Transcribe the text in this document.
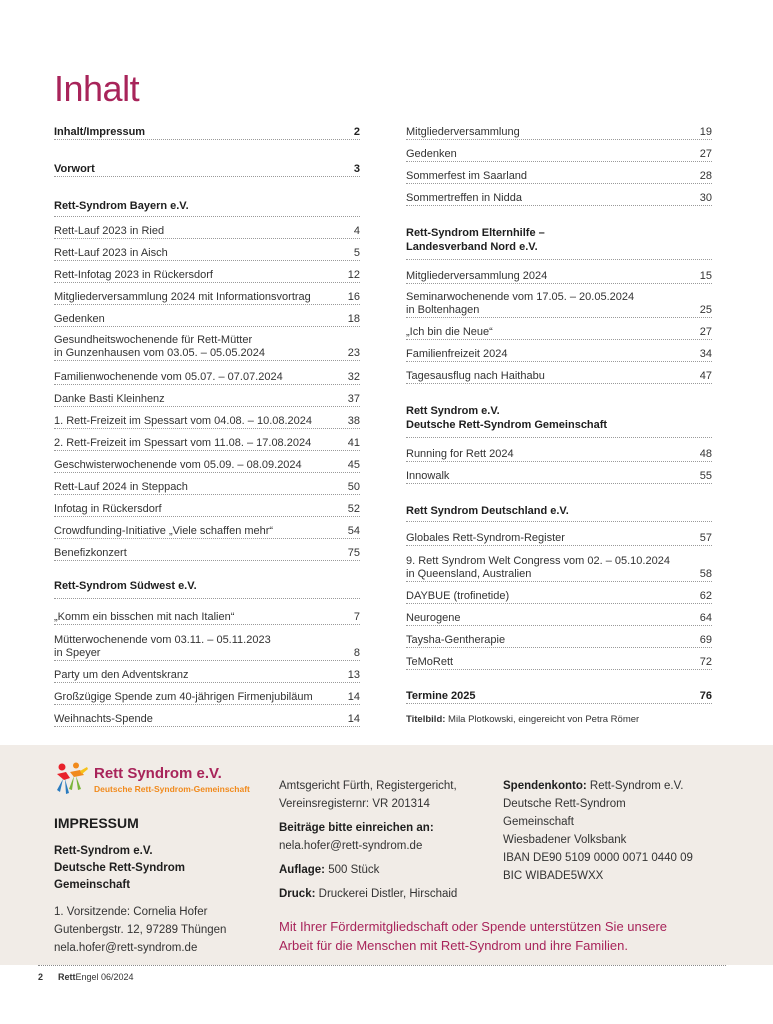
Inhalt
Inhalt/Impressum	2
Vorwort	3
Rett-Syndrom Bayern e.V.
Rett-Lauf 2023 in Ried	4
Rett-Lauf 2023 in Aisch	5
Rett-Infotag 2023 in Rückersdorf	12
Mitgliederversammlung 2024 mit Informationsvortrag	16
Gedenken	18
Gesundheitswochenende für Rett-Mütter
in Gunzenhausen vom 03.05. – 05.05.2024	23
Familienwochenende vom 05.07. – 07.07.2024	32
Danke Basti Kleinhenz	37
1. Rett-Freizeit im Spessart vom 04.08. – 10.08.2024	38
2. Rett-Freizeit im Spessart vom 11.08. – 17.08.2024	41
Geschwisterwochenende vom 05.09. – 08.09.2024	45
Rett-Lauf 2024 in Steppach	50
Infotag in Rückersdorf	52
Crowdfunding-Initiative „Viele schaffen mehr“	54
Benefizkonzert	75
Rett-Syndrom Südwest e.V.
„Komm ein bisschen mit nach Italien“	7
Mütterwochenende vom 03.11. – 05.11.2023
in Speyer	8
Party um den Adventskranz	13
Großzügige Spende zum 40-jährigen Firmenjubiläum	14
Weihnachts-Spende	14
Mitgliederversammlung	19
Gedenken	27
Sommerfest im Saarland	28
Sommertreffen in Nidda	30
Rett-Syndrom Elternhilfe –
Landesverband Nord e.V.
Mitgliederversammlung 2024	15
Seminarwochenende vom 17.05. – 20.05.2024
in Boltenhagen	25
„Ich bin die Neue“	27
Familienfreizeit 2024	34
Tagesausflug nach Haithabu	47
Rett Syndrom e.V.
Deutsche Rett-Syndrom Gemeinschaft
Running for Rett 2024	48
Innowalk	55
Rett Syndrom Deutschland e.V.
Globales Rett-Syndrom-Register	57
9. Rett Syndrom Welt Congress vom 02. – 05.10.2024
in Queensland, Australien	58
DAYBUE (trofinetide)	62
Neurogene	64
Taysha-Gentherapie	69
TeMoRett	72
Termine 2025	76
Titelbild: Mila Plotkowski, eingereicht von Petra Römer
Rett Syndrom e.V.
Deutsche Rett-Syndrom-Gemeinschaft
IMPRESSUM
Rett-Syndrom e.V.
Deutsche Rett-Syndrom
Gemeinschaft
1. Vorsitzende: Cornelia Hofer
Gutenbergstr. 12, 97289 Thüngen
nela.hofer@rett-syndrom.de
Amtsgericht Fürth, Registergericht,
Vereinsregisternr: VR 201314
Beiträge bitte einreichen an:
nela.hofer@rett-syndrom.de
Auflage: 500 Stück
Druck: Druckerei Distler, Hirschaid
Spendenkonto: Rett-Syndrom e.V.
Deutsche Rett-Syndrom
Gemeinschaft
Wiesbadener Volksbank
IBAN DE90 5109 0000 0071 0440 09
BIC WIBADE5WXX
Mit Ihrer Fördermitgliedschaft oder Spende unterstützen Sie unsere
Arbeit für die Menschen mit Rett-Syndrom und ihre Familien.
2 RettEngel 06/2024
